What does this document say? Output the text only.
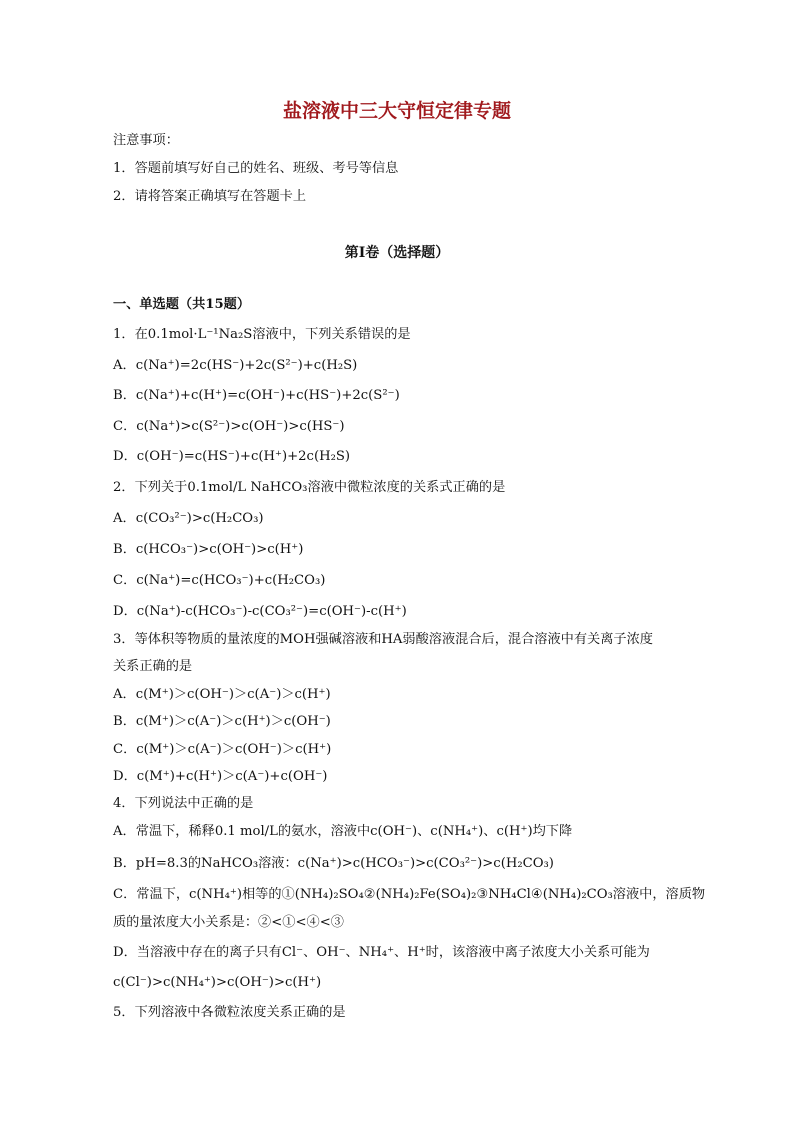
盐溶液中三大守恒定律专题
注意事项：
1．答题前填写好自己的姓名、班级、考号等信息
2．请将答案正确填写在答题卡上
第I卷（选择题）
一、单选题（共15题）
1．在0.1mol·L⁻¹Na₂S溶液中，下列关系错误的是
A．c(Na⁺)=2c(HS⁻)+2c(S²⁻)+c(H₂S)
B．c(Na⁺)+c(H⁺)=c(OH⁻)+c(HS⁻)+2c(S²⁻)
C．c(Na⁺)>c(S²⁻)>c(OH⁻)>c(HS⁻)
D．c(OH⁻)=c(HS⁻)+c(H⁺)+2c(H₂S)
2．下列关于0.1mol/L NaHCO₃溶液中微粒浓度的关系式正确的是
A．c(CO₃²⁻)>c(H₂CO₃)
B．c(HCO₃⁻)>c(OH⁻)>c(H⁺)
C．c(Na⁺)=c(HCO₃⁻)+c(H₂CO₃)
D．c(Na⁺)-c(HCO₃⁻)-c(CO₃²⁻)=c(OH⁻)-c(H⁺)
3．等体积等物质的量浓度的MOH强碱溶液和HA弱酸溶液混合后，混合溶液中有关离子浓度
关系正确的是
A．c(M⁺)＞c(OH⁻)＞c(A⁻)＞c(H⁺)
B．c(M⁺)＞c(A⁻)＞c(H⁺)＞c(OH⁻)
C．c(M⁺)＞c(A⁻)＞c(OH⁻)＞c(H⁺)
D．c(M⁺)+c(H⁺)＞c(A⁻)+c(OH⁻)
4．下列说法中正确的是
A．常温下，稀释0.1 mol/L的氨水，溶液中c(OH⁻)、c(NH₄⁺)、c(H⁺)均下降
B．pH=8.3的NaHCO₃溶液：c(Na⁺)>c(HCO₃⁻)>c(CO₃²⁻)>c(H₂CO₃)
C．常温下，c(NH₄⁺)相等的①(NH₄)₂SO₄②(NH₄)₂Fe(SO₄)₂③NH₄Cl④(NH₄)₂CO₃溶液中，溶质物
质的量浓度大小关系是：②<①<④<③
D．当溶液中存在的离子只有Cl⁻、OH⁻、NH₄⁺、H⁺时，该溶液中离子浓度大小关系可能为
c(Cl⁻)>c(NH₄⁺)>c(OH⁻)>c(H⁺)
5．下列溶液中各微粒浓度关系正确的是
